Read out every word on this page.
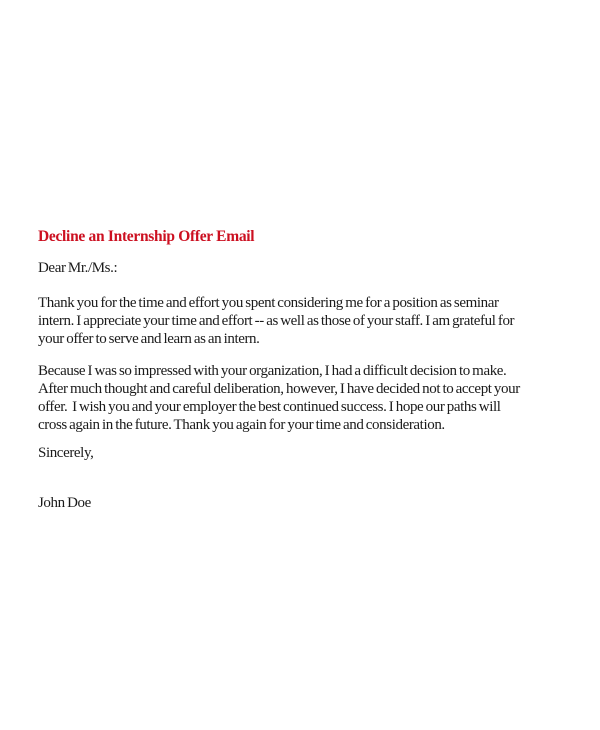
Decline an Internship Offer Email
Dear Mr./Ms.:
Thank you for the time and effort you spent considering me for a position as seminar
intern. I appreciate your time and effort -- as well as those of your staff. I am grateful for
your offer to serve and learn as an intern.
Because I was so impressed with your organization, I had a difficult decision to make.
After much thought and careful deliberation, however, I have decided not to accept your
offer.  I wish you and your employer the best continued success. I hope our paths will
cross again in the future. Thank you again for your time and consideration.
Sincerely,
John Doe
